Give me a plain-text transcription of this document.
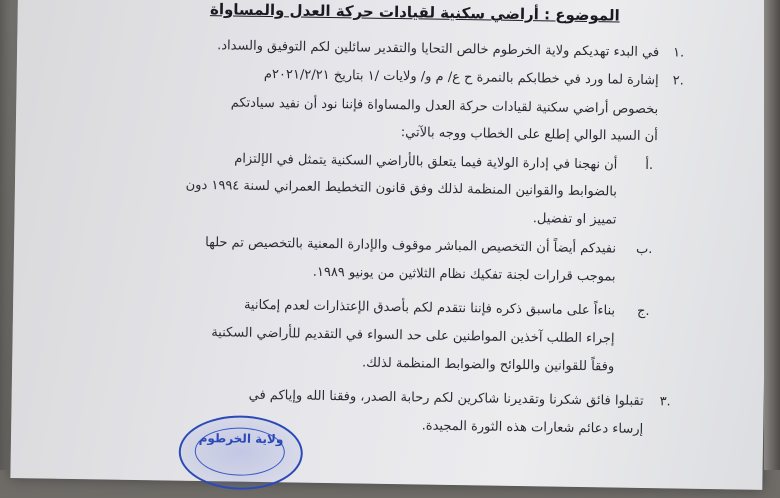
الموضوع : أراضي سكنية لقيادات حركة العدل والمساواة
١.
في البدء تهديكم ولاية الخرطوم خالص التحايا والتقدير سائلين لكم التوفيق والسداد.
٢.
إشارة لما ورد في خطابكم بالنمرة ح ع/ م و/ ولايات /١ بتاريخ ٢٠٢١/٢/٢١م
بخصوص أراضي سكنية لقيادات حركة العدل والمساواة فإننا نود أن نفيد سيادتكم
أن السيد الوالي إطلع على الخطاب ووجه بالآتي:
أ.
أن نهجنا في إدارة الولاية فيما يتعلق بالأراضي السكنية يتمثل في الإلتزام
بالضوابط والقوانين المنظمة لذلك وفق قانون التخطيط العمراني لسنة ١٩٩٤ دون
تمييز او تفضيل.
ب.
نفيدكم أيضاً أن التخصيص المباشر موقوف والإدارة المعنية بالتخصيص تم حلها
بموجب قرارات لجنة تفكيك نظام الثلاثين من يونيو ١٩٨٩.
ج.
بناءاً على ماسبق ذكره فإننا نتقدم لكم بأصدق الإعتذارات لعدم إمكانية
إجراء الطلب آخذين المواطنين على حد السواء في التقديم للأراضي السكنية
وفقاً للقوانين واللوائح والضوابط المنظمة لذلك.
٣.
تقبلوا فائق شكرنا وتقديرنا شاكرين لكم رحابة الصدر، وفقنا الله وإياكم في
إرساء دعائم شعارات هذه الثورة المجيدة.
ولاية الخرطوم
